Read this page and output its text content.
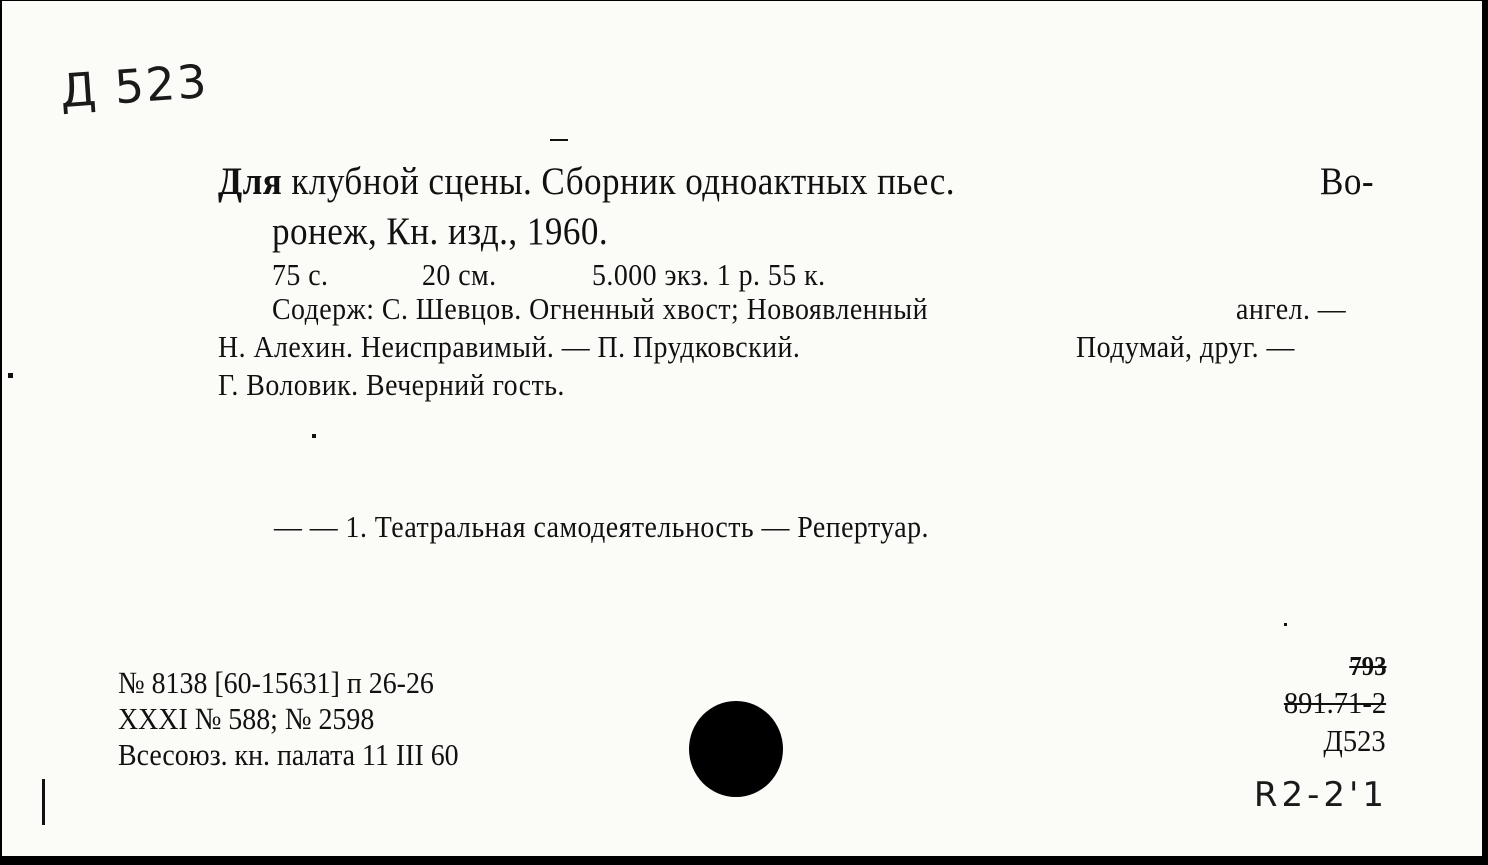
Д 523
Для клубной сцены. Сборник одноактных пьес.	Во-
ронеж, Кн. изд., 1960.
75 с.	20 см.	5.000 экз. 1 р. 55 к.
Содерж: С. Шевцов. Огненный хвост; Новоявленный	ангел. —
Н. Алехин. Неисправимый. — П. Прудковский.	Подумай, друг. —
Г. Воловик. Вечерний гость.
— — 1. Театральная самодеятельность — Репертуар.
№ 8138 [60-15631] п 26-26
XXXI № 588; № 2598
Всесоюз. кн. палата 11 III 60
793
891.71-2
Д523
R2-2'1
